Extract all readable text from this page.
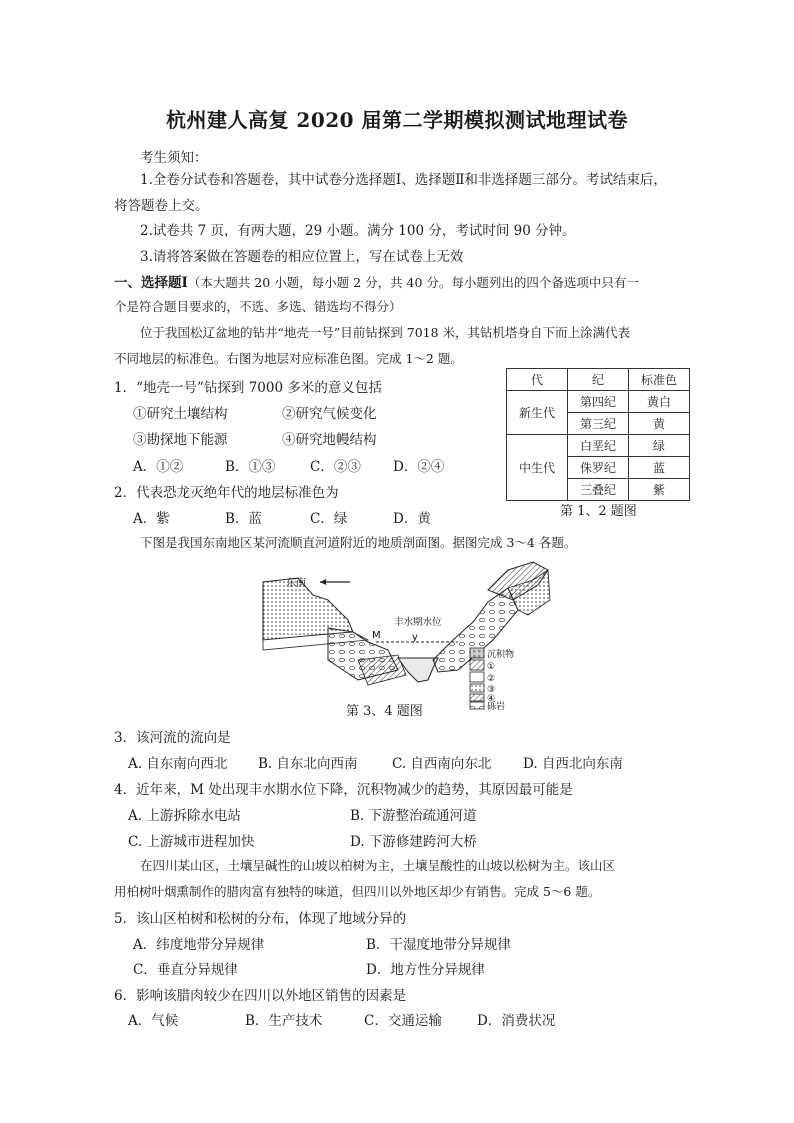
杭州建人高复 2020 届第二学期模拟测试地理试卷
考生须知：
1.全卷分试卷和答题卷，其中试卷分选择题Ⅰ、选择题Ⅱ和非选择题三部分。考试结束后，
将答题卷上交。
2.试卷共 7 页，有两大题，29 小题。满分 100 分，考试时间 90 分钟。
3.请将答案做在答题卷的相应位置上，写在试卷上无效
一、选择题Ⅰ（本大题共 20 小题，每小题 2 分，共 40 分。每小题列出的四个备选项中只有一
个是符合题目要求的，不选、多选、错选均不得分）
位于我国松辽盆地的钻井“地壳一号”目前钻探到 7018 米，其钻机塔身自下而上涂满代表
不同地层的标准色。右图为地层对应标准色图。完成 1～2 题。
代	纪	标准色
新生代	第四纪	黄白
	第三纪	黄
中生代	白垩纪	绿
	侏罗纪	蓝
	三叠纪	紫
第 1、2 题图
1．“地壳一号”钻探到 7000 多米的意义包括
①研究土壤结构	②研究气候变化
③勘探地下能源	④研究地幔结构
A．①②	B．①③	C．②③ D．②④
2．代表恐龙灭绝年代的地层标准色为
A．紫	B．蓝	C．绿	D．黄
下图是我国东南地区某河流顺直河道附近的地质剖面图。据图完成 3～4 各题。
东南
丰水期水位
M	y
沉积物
①
②
③
④
砾岩
第 3、4 题图
3．该河流的流向是
A. 自东南向西北 B. 自东北向西南	C. 自西南向东北 D. 自西北向东南
4．近年来，M 处出现丰水期水位下降，沉积物减少的趋势，其原因最可能是
A. 上游拆除水电站	B. 下游整治疏通河道
C. 上游城市进程加快	D. 下游修建跨河大桥
在四川某山区，土壤呈碱性的山坡以柏树为主，土壤呈酸性的山坡以松树为主。该山区
用柏树叶烟熏制作的腊肉富有独特的味道，但四川以外地区却少有销售。完成 5～6 题。
5．该山区柏树和松树的分布，体现了地域分异的
A．纬度地带分异规律	B．干湿度地带分异规律
C．垂直分异规律	D．地方性分异规律
6．影响该腊肉较少在四川以外地区销售的因素是
A．气候	B．生产技术	C．交通运输	D．消费状况
